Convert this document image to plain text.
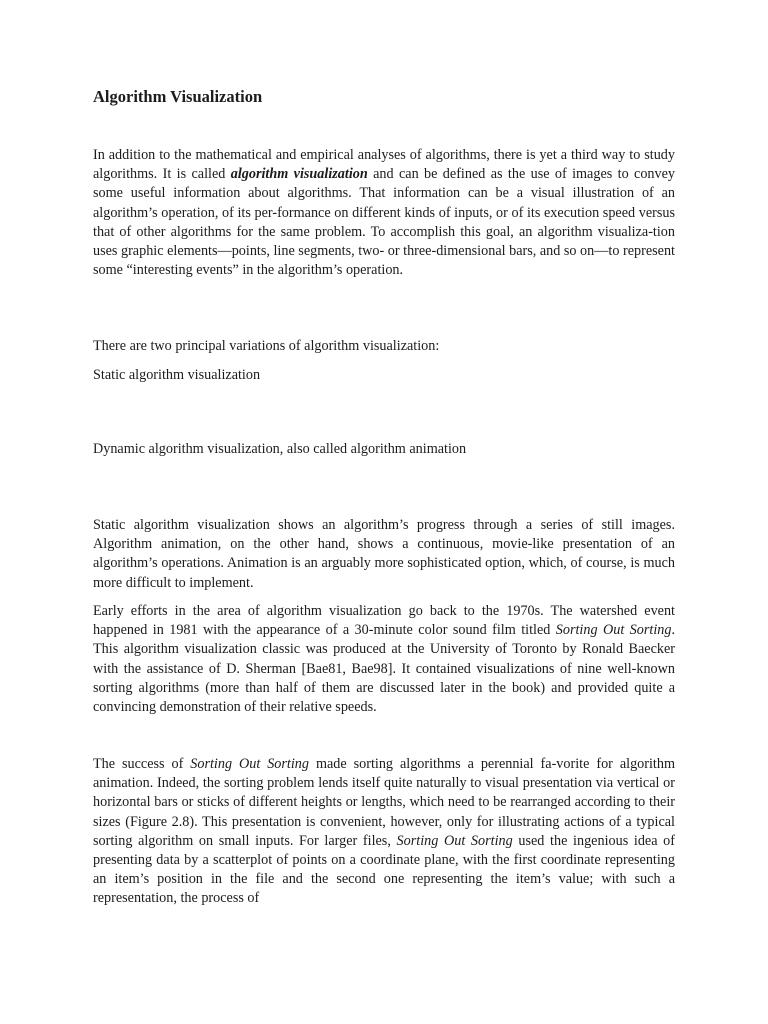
Algorithm Visualization

In addition to the mathematical and empirical analyses of algorithms, there is yet a third way to study algorithms. It is called algorithm visualization and can be defined as the use of images to convey some useful information about algorithms. That information can be a visual illustration of an algorithm’s operation, of its per-formance on different kinds of inputs, or of its execution speed versus that of other algorithms for the same problem. To accomplish this goal, an algorithm visualiza-tion uses graphic elements—points, line segments, two- or three-dimensional bars, and so on—to represent some “interesting events” in the algorithm’s operation.

There are two principal variations of algorithm visualization:

Static algorithm visualization

Dynamic algorithm visualization, also called algorithm animation

Static algorithm visualization shows an algorithm’s progress through a series of still images. Algorithm animation, on the other hand, shows a continuous, movie-like presentation of an algorithm’s operations. Animation is an arguably more sophisticated option, which, of course, is much more difficult to implement.

Early efforts in the area of algorithm visualization go back to the 1970s. The watershed event happened in 1981 with the appearance of a 30-minute color sound film titled Sorting Out Sorting. This algorithm visualization classic was produced at the University of Toronto by Ronald Baecker with the assistance of D. Sherman [Bae81, Bae98]. It contained visualizations of nine well-known sorting algorithms (more than half of them are discussed later in the book) and provided quite a convincing demonstration of their relative speeds.

The success of Sorting Out Sorting made sorting algorithms a perennial fa-vorite for algorithm animation. Indeed, the sorting problem lends itself quite naturally to visual presentation via vertical or horizontal bars or sticks of different heights or lengths, which need to be rearranged according to their sizes (Figure 2.8). This presentation is convenient, however, only for illustrating actions of a typical sorting algorithm on small inputs. For larger files, Sorting Out Sorting used the ingenious idea of presenting data by a scatterplot of points on a coordinate plane, with the first coordinate representing an item’s position in the file and the second one representing the item’s value; with such a representation, the process of
